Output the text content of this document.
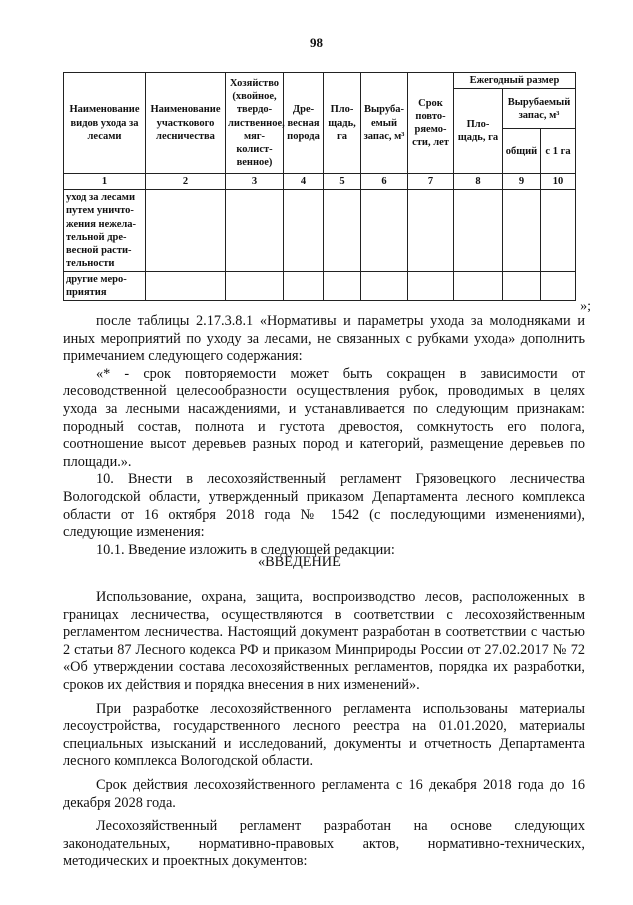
98
Наименование видов ухода за лесами	Наименование участкового лесничества	Хозяйство (хвойное, твердо-лиственное, мяг-колист-венное)	Дре-весная порода	Пло-щадь, га	Выруба-емый запас, м³	Срок повто-ряемо-сти, лет	Ежегодный размер		
							Пло-щадь, га	Вырубаемый запас, м³	
								общий	с 1 га
1	2	3	4	5	6	7	8	9	10
уход за лесами путем уничто-жения нежела-тельной дре-весной расти-тельности									
другие меро-приятия									
»;

после таблицы 2.17.3.8.1 «Нормативы и параметры ухода за молодняками и иных мероприятий по уходу за лесами, не связанных с рубками ухода» дополнить примечанием следующего содержания:

«* - срок повторяемости может быть сокращен в зависимости от лесоводственной целесообразности осуществления рубок, проводимых в целях ухода за лесными насаждениями, и устанавливается по следующим признакам: породный состав, полнота и густота древостоя, сомкнутость его полога, соотношение высот деревьев разных пород и категорий, размещение деревьев по площади.».

10. Внести в лесохозяйственный регламент Грязовецкого лесничества Вологодской области, утвержденный приказом Департамента лесного комплекса области от 16 октября 2018 года № 1542 (с последующими изменениями), следующие изменения:

10.1. Введение изложить в следующей редакции:

«ВВЕДЕНИЕ

Использование, охрана, защита, воспроизводство лесов, расположенных в границах лесничества, осуществляются в соответствии с лесохозяйственным регламентом лесничества. Настоящий документ разработан в соответствии с частью 2 статьи 87 Лесного кодекса РФ и приказом Минприроды России от 27.02.2017 № 72 «Об утверждении состава лесохозяйственных регламентов, порядка их разработки, сроков их действия и порядка внесения в них изменений».

При разработке лесохозяйственного регламента использованы материалы лесоустройства, государственного лесного реестра на 01.01.2020, материалы специальных изысканий и исследований, документы и отчетность Департамента лесного комплекса Вологодской области.

Срок действия лесохозяйственного регламента с 16 декабря 2018 года до 16 декабря 2028 года.

Лесохозяйственный регламент разработан на основе следующих законодательных, нормативно-правовых актов, нормативно-технических, методических и проектных документов:
